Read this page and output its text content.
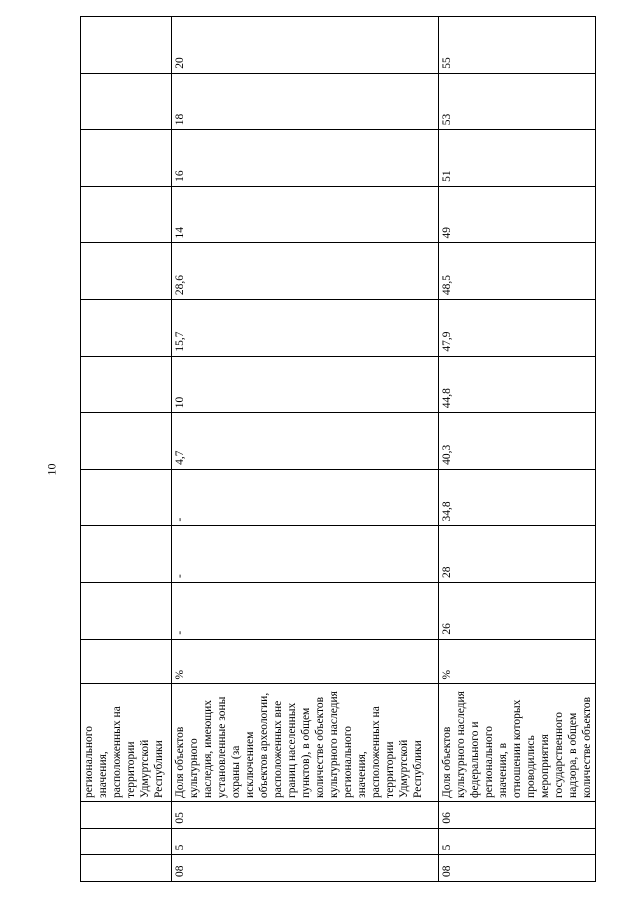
10
			регионального значения, расположенных на территории Удмуртской Республики												
08	5	05	Доля объектов культурного наследия, имеющих установленные зоны охраны (за исключением объектов археологии, расположенных вне границ населенных пунктов), в общем количестве объектов культурного наследия регионального значения, расположенных на территории Удмуртской Республики	%	-	-	-	4,7	10	15,7	28,6	14	16	18	20
08	5	06	Доля объектов культурного наследия федерального и регионального значения, в отношении которых проводились мероприятия государственного надзора, в общем количестве объектов	%	26	28	34,8	40,3	44,8	47,9	48,5	49	51	53	55
